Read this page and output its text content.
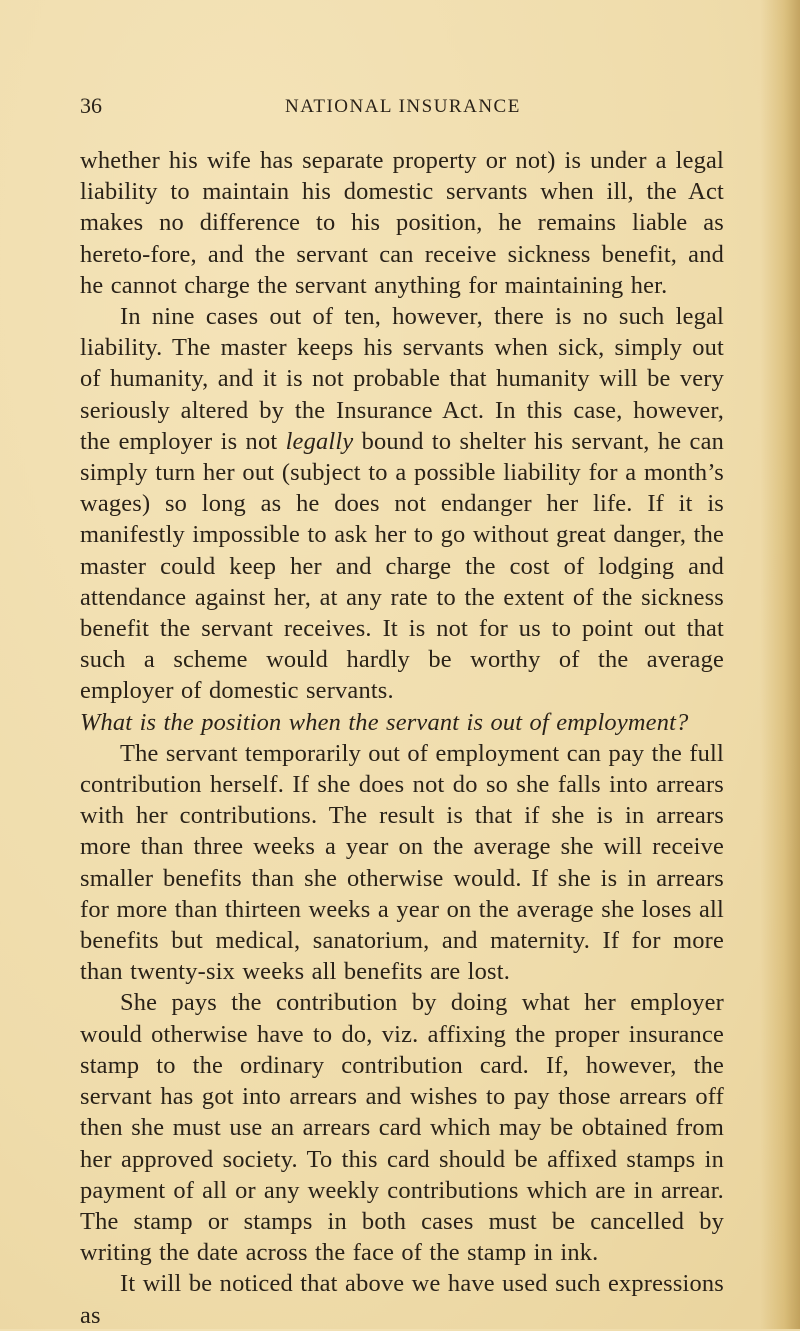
36	NATIONAL INSURANCE

whether his wife has separate property or not) is under a legal liability to maintain his domestic servants when ill, the Act makes no difference to his position, he remains liable as hereto-fore, and the servant can receive sickness benefit, and he cannot charge the servant anything for maintaining her.

In nine cases out of ten, however, there is no such legal liability. The master keeps his servants when sick, simply out of humanity, and it is not probable that humanity will be very seriously altered by the Insurance Act. In this case, however, the employer is not legally bound to shelter his servant, he can simply turn her out (subject to a possible liability for a month’s wages) so long as he does not endanger her life. If it is manifestly impossible to ask her to go without great danger, the master could keep her and charge the cost of lodging and attendance against her, at any rate to the extent of the sickness benefit the servant receives. It is not for us to point out that such a scheme would hardly be worthy of the average employer of domestic servants.

What is the position when the servant is out of employment?

The servant temporarily out of employment can pay the full contribution herself. If she does not do so she falls into arrears with her contributions. The result is that if she is in arrears more than three weeks a year on the average she will receive smaller benefits than she otherwise would. If she is in arrears for more than thirteen weeks a year on the average she loses all benefits but medical, sanatorium, and maternity. If for more than twenty-six weeks all benefits are lost.

She pays the contribution by doing what her employer would otherwise have to do, viz. affixing the proper insurance stamp to the ordinary contribution card. If, however, the servant has got into arrears and wishes to pay those arrears off then she must use an arrears card which may be obtained from her approved society. To this card should be affixed stamps in payment of all or any weekly contributions which are in arrear. The stamp or stamps in both cases must be cancelled by writing the date across the face of the stamp in ink.

It will be noticed that above we have used such expressions as
